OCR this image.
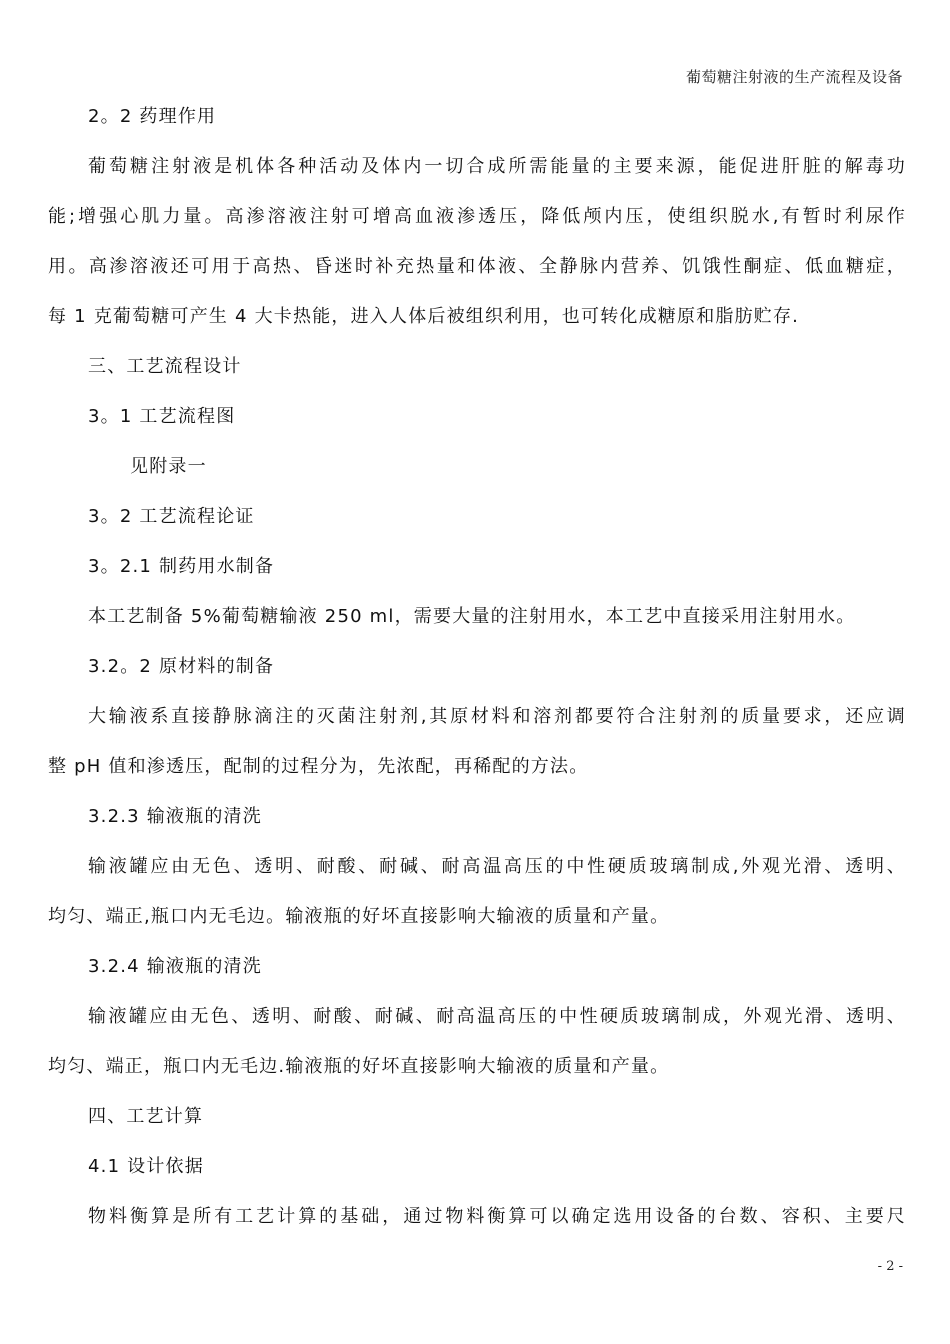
葡萄糖注射液的生产流程及设备
2。2 药理作用
葡萄糖注射液是机体各种活动及体内一切合成所需能量的主要来源，能促进肝脏的解毒功
能;增强心肌力量。高渗溶液注射可增高血液渗透压，降低颅内压，使组织脱水,有暂时利尿作
用。高渗溶液还可用于高热、昏迷时补充热量和体液、全静脉内营养、饥饿性酮症、低血糖症，
每 1 克葡萄糖可产生 4 大卡热能，进入人体后被组织利用，也可转化成糖原和脂肪贮存.
三、工艺流程设计
3。1 工艺流程图
见附录一
3。2 工艺流程论证
3。2.1 制药用水制备
本工艺制备 5%葡萄糖输液 250 ml，需要大量的注射用水，本工艺中直接采用注射用水。
3.2。2 原材料的制备
大输液系直接静脉滴注的灭菌注射剂,其原材料和溶剂都要符合注射剂的质量要求，还应调
整 pH 值和渗透压，配制的过程分为，先浓配，再稀配的方法。
3.2.3 输液瓶的清洗
输液罐应由无色、透明、耐酸、耐碱、耐高温高压的中性硬质玻璃制成,外观光滑、透明、
均匀、端正,瓶口内无毛边。输液瓶的好坏直接影响大输液的质量和产量。
3.2.4 输液瓶的清洗
输液罐应由无色、透明、耐酸、耐碱、耐高温高压的中性硬质玻璃制成，外观光滑、透明、
均匀、端正，瓶口内无毛边.输液瓶的好坏直接影响大输液的质量和产量。
四、工艺计算
4.1 设计依据
物料衡算是所有工艺计算的基础，通过物料衡算可以确定选用设备的台数、容积、主要尺
- 2 -
